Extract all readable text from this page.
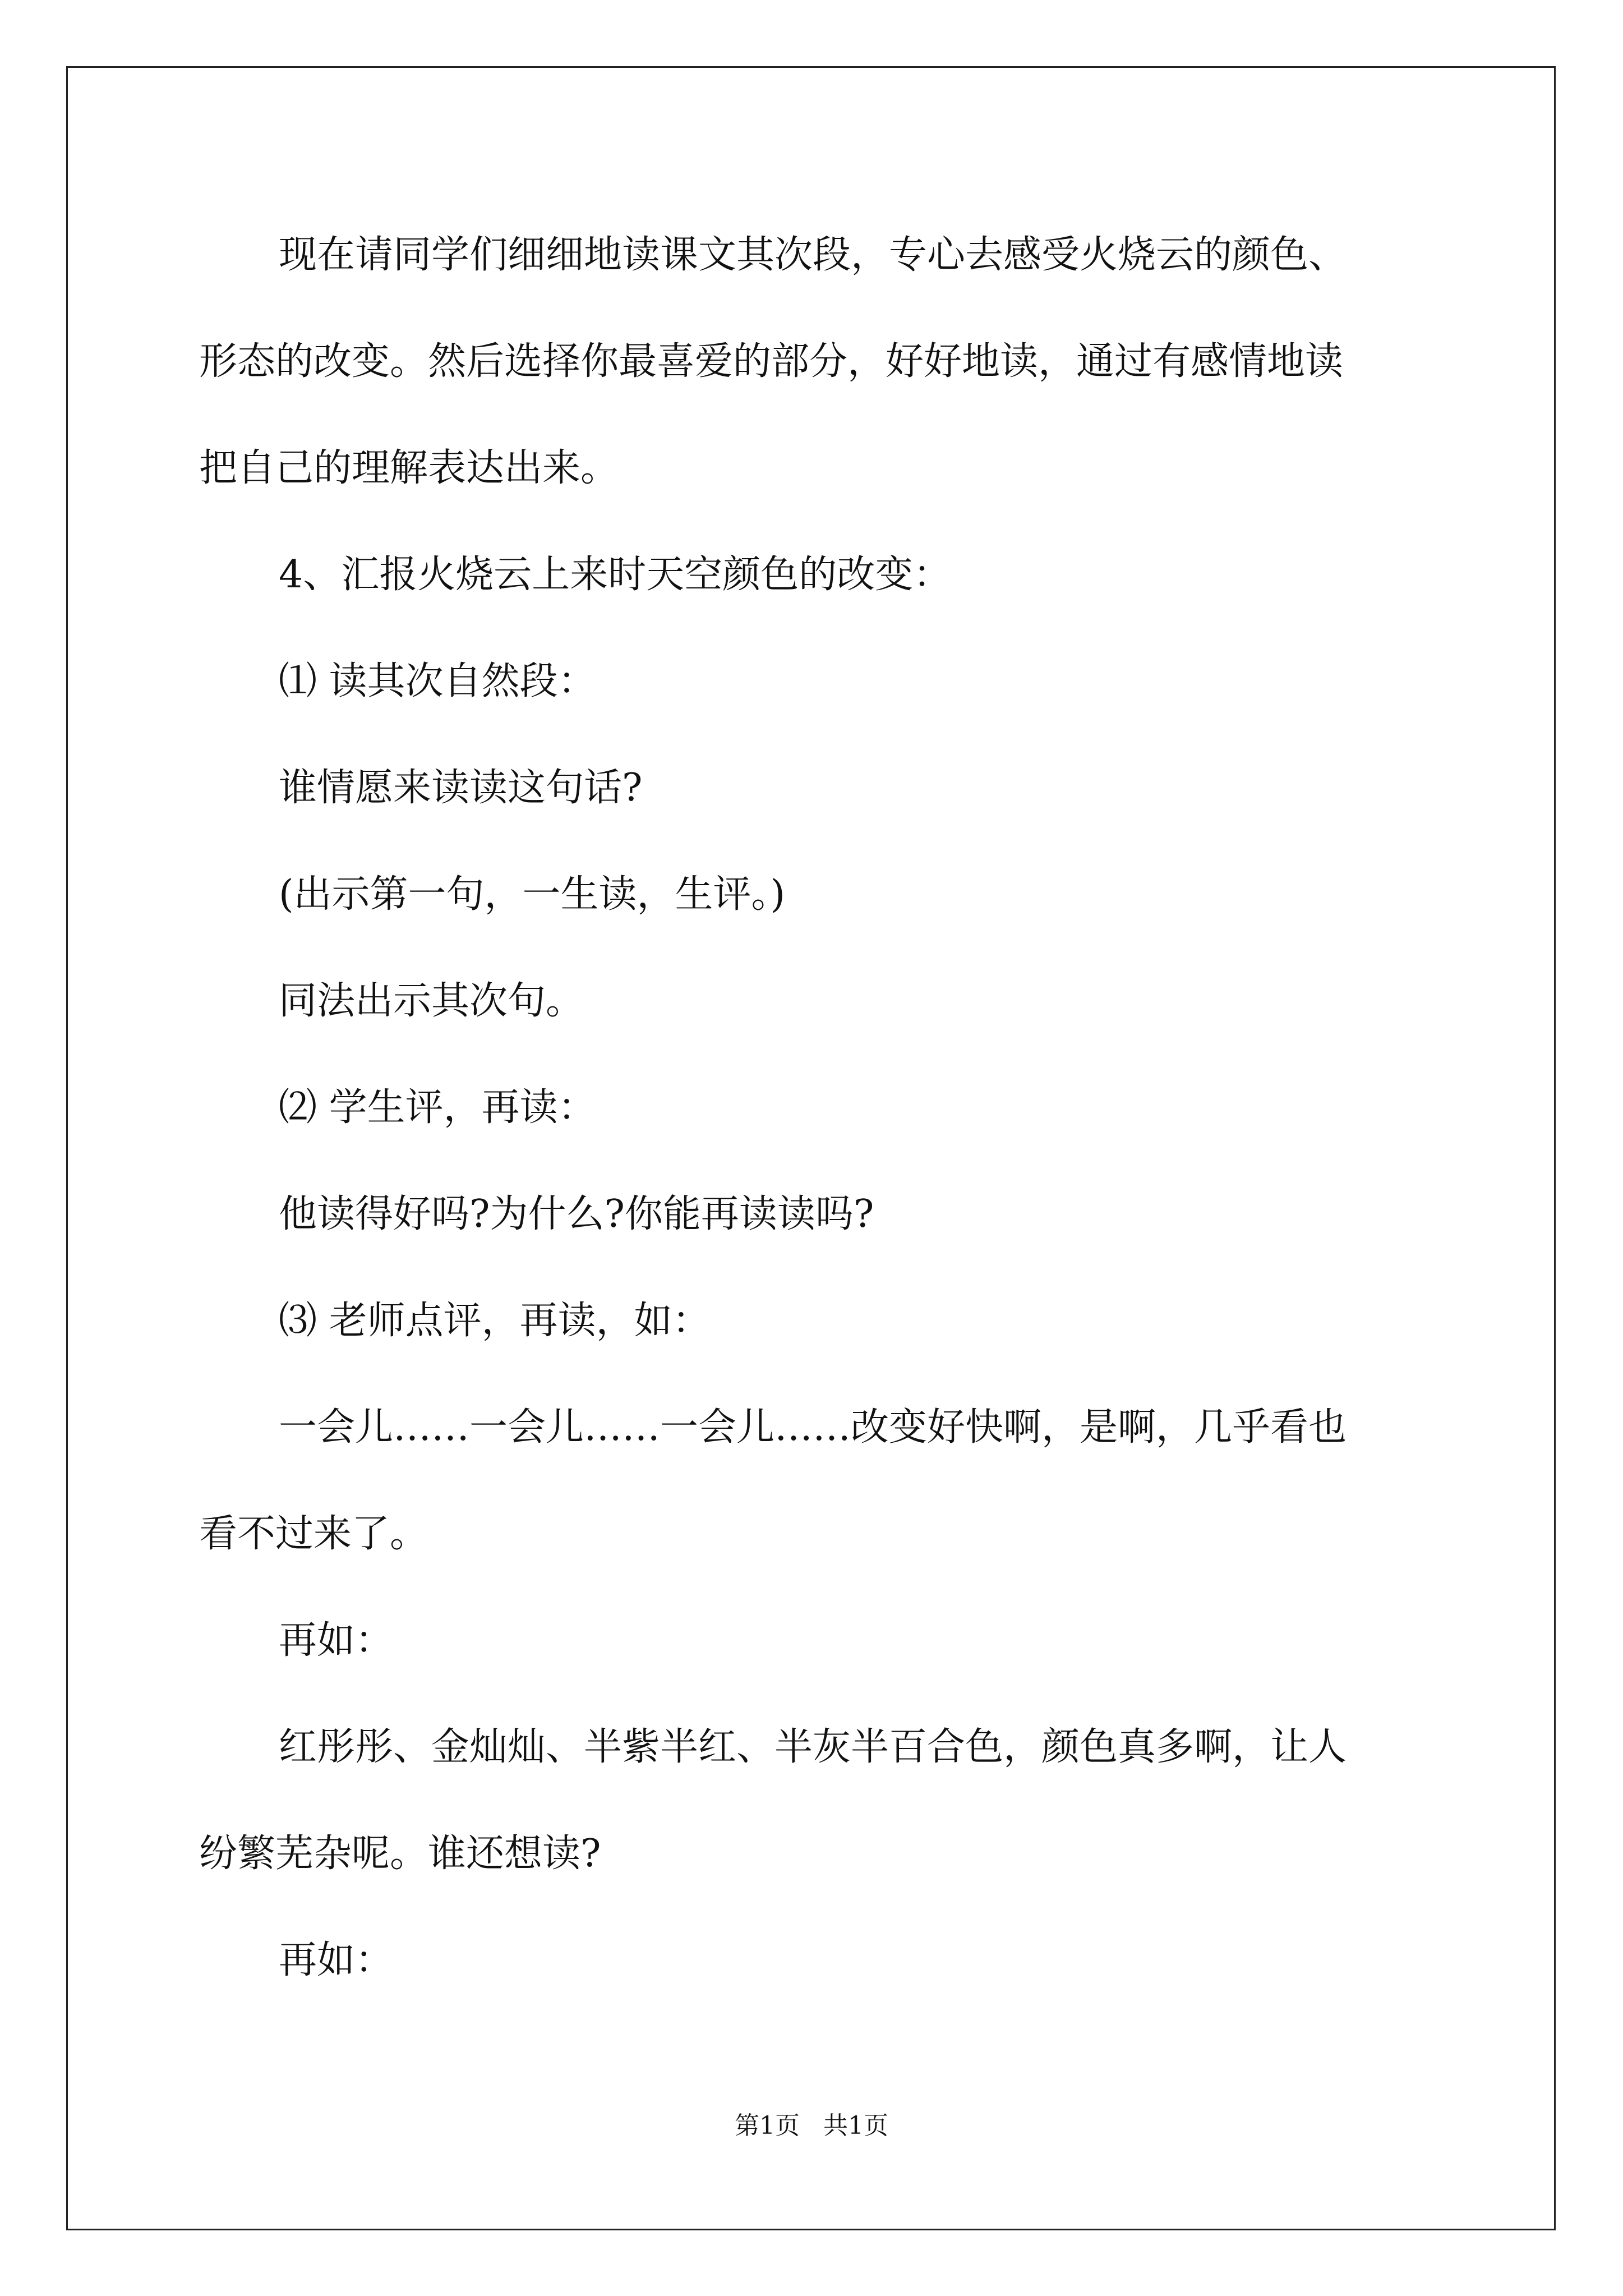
现在请同学们细细地读课文其次段，专心去感受火烧云的颜色、

形态的改变。然后选择你最喜爱的部分，好好地读，通过有感情地读

把自己的理解表达出来。

4、汇报火烧云上来时天空颜色的改变：

⑴ 读其次自然段：

谁情愿来读读这句话?

(出示第一句，一生读，生评。)

同法出示其次句。

⑵ 学生评，再读：

他读得好吗?为什么?你能再读读吗?

⑶ 老师点评，再读，如：

一会儿……一会儿……一会儿……改变好快啊，是啊，几乎看也

看不过来了。

再如：

红彤彤、金灿灿、半紫半红、半灰半百合色，颜色真多啊，让人

纷繁芜杂呢。谁还想读?

再如：

第1页 共1页
